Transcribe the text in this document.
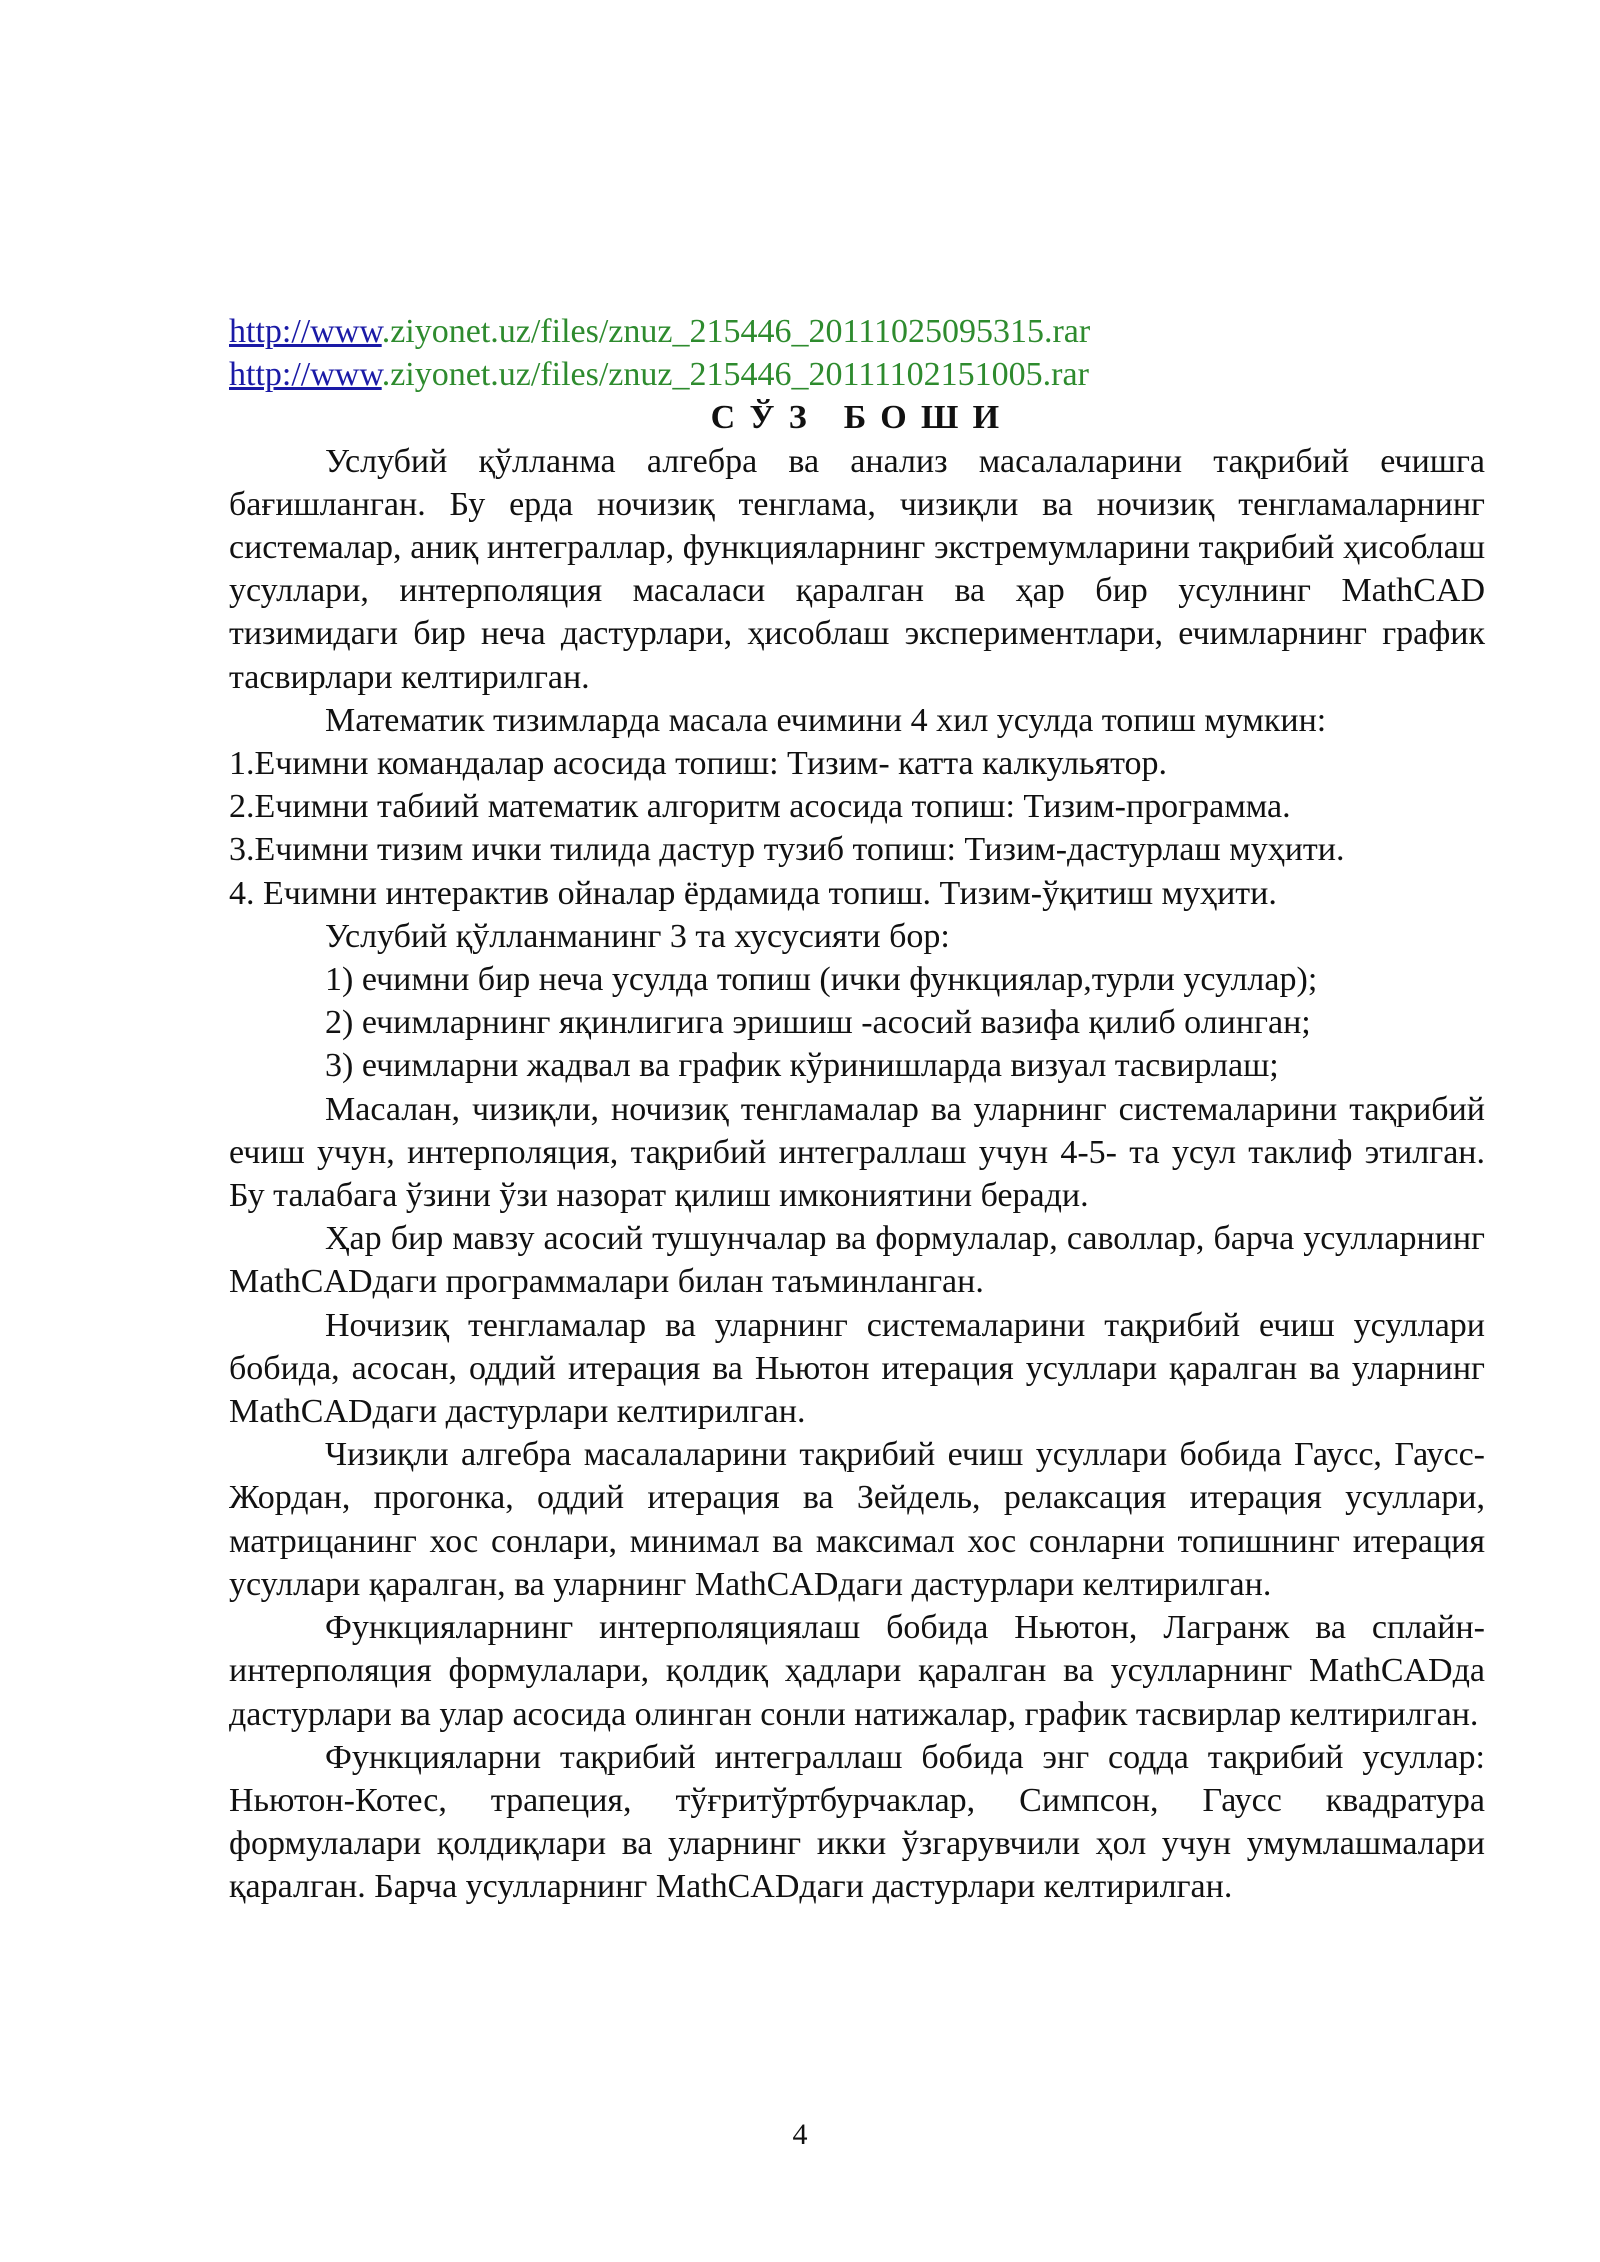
http://www.ziyonet.uz/files/znuz_215446_20111025095315.rar

http://www.ziyonet.uz/files/znuz_215446_20111102151005.rar

СЎЗ БОШИ

Услубий қўлланма алгебра ва анализ масалаларини тақрибий ечишга бағишланган. Бу ерда ночизиқ тенглама, чизиқли ва ночизиқ тенгламаларнинг системалар, аниқ интеграллар, функцияларнинг экстремумларини тақрибий ҳисоблаш усуллари, интерполяция масаласи қаралган ва ҳар бир усулнинг MathCAD тизимидаги бир неча дастурлари, ҳисоблаш экспериментлари, ечимларнинг график тасвирлари келтирилган.

Математик тизимларда масала ечимини 4 хил усулда топиш мумкин:

1.Ечимни командалар асосида топиш: Тизим- катта калкульятор.

2.Ечимни табиий математик алгоритм асосида топиш: Тизим-программа.

3.Ечимни тизим ички тилида дастур тузиб топиш: Тизим-дастурлаш муҳити.

4. Ечимни интерактив ойналар ёрдамида топиш. Тизим-ўқитиш муҳити.

Услубий қўлланманинг 3 та хусусияти бор:

1) ечимни бир неча усулда топиш (ички функциялар,турли усуллар);

2) ечимларнинг яқинлигига эришиш -асосий вазифа қилиб олинган;

3) ечимларни жадвал ва график кўринишларда визуал тасвирлаш;

Масалан, чизиқли, ночизиқ тенгламалар ва уларнинг системаларини тақрибий ечиш учун, интерполяция, тақрибий интеграллаш учун 4-5- та усул таклиф этилган. Бу талабага ўзини ўзи назорат қилиш имкониятини беради.

Ҳар бир мавзу асосий тушунчалар ва формулалар, саволлар, барча усулларнинг MathCADдаги программалари билан таъминланган.

Ночизиқ тенгламалар ва уларнинг системаларини тақрибий ечиш усуллари бобида, асосан, оддий итерация ва Ньютон итерация усуллари қаралган ва уларнинг MathCADдаги дастурлари келтирилган.

Чизиқли алгебра масалаларини тақрибий ечиш усуллари бобида Гаусс, Гаусс-Жордан, прогонка, оддий итерация ва Зейдель, релаксация итерация усуллари, матрицанинг хос сонлари, минимал ва максимал хос сонларни топишнинг итерация усуллари қаралган, ва уларнинг MathCADдаги дастурлари келтирилган.

Функцияларнинг интерполяциялаш бобида Ньютон, Лагранж ва сплайн-интерполяция формулалари, қолдиқ ҳадлари қаралган ва усулларнинг MathCADда дастурлари ва улар асосида олинган сонли натижалар, график тасвирлар келтирилган.

Функцияларни тақрибий интеграллаш бобида энг содда тақрибий усуллар: Ньютон-Котес, трапеция, тўғритўртбурчаклар, Симпсон, Гаусс квадратура формулалари қолдиқлари ва уларнинг икки ўзгарувчили ҳол учун умумлашмалари қаралган. Барча усулларнинг MathCADдаги дастурлари келтирилган.

4
